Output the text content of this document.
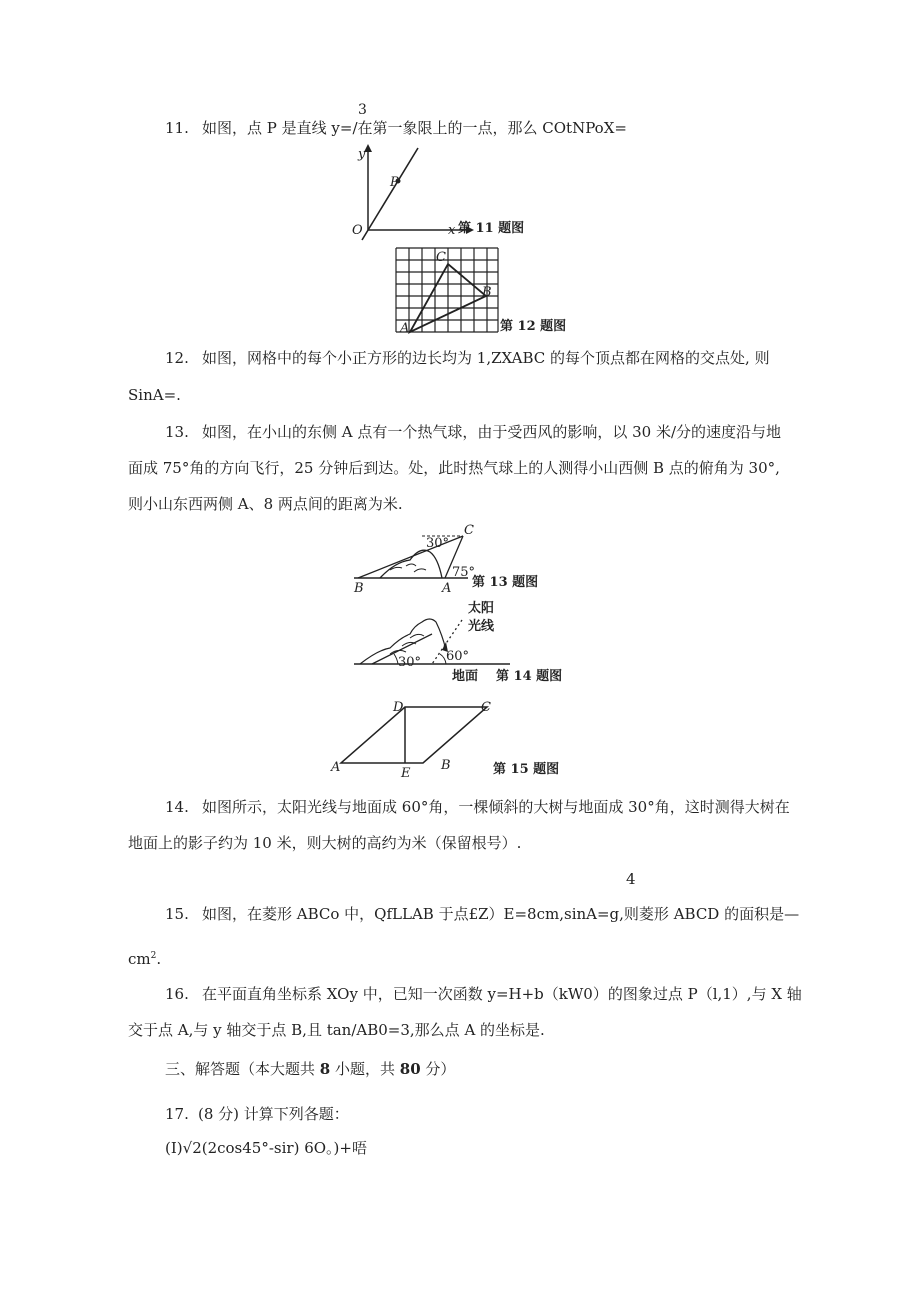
3
11. 如图，点 P 是直线 y=/在第一象限上的一点，那么 COtNPoX=
y
O	x
P
第 11 题图
C
B
A	第 12 题图
12. 如图，网格中的每个小正方形的边长均为 1,ZXABC 的每个顶点都在网格的交点处, 则
SinA=.
13. 如图，在小山的东侧 A 点有一个热气球，由于受西风的影响，以 30 米/分的速度沿与地
面成 75°角的方向飞行，25 分钟后到达。处，此时热气球上的人测得小山西侧 B 点的俯角为 30°,
则小山东西两侧 A、8 两点间的距离为米.
B	A
C
30°
75°
第 13 题图
30° 60°
太阳
光线
地面 第 14 题图
D	C
A	E
B	第 15 题图
14. 如图所示，太阳光线与地面成 60°角，一棵倾斜的大树与地面成 30°角，这时测得大树在
地面上的影子约为 10 米，则大树的高约为米（保留根号）.
4
15. 如图，在菱形 ABCo 中，QfLLAB 于点£Z）E=8cm,sinA=g,则菱形 ABCD 的面积是—
$cm^2$.
16. 在平面直角坐标系 XOy 中，已知一次函数 y=H+b（kW0）的图象过点 P（l,1）,与 X 轴
交于点 A,与 y 轴交于点 B,且 tan∕AB0=3,那么点 A 的坐标是.
三、解答题（本大题共 8 小题，共 80 分）
17. (8 分) 计算下列各题：
(I)√2(2cos45°-sir) 6O。)+唔
